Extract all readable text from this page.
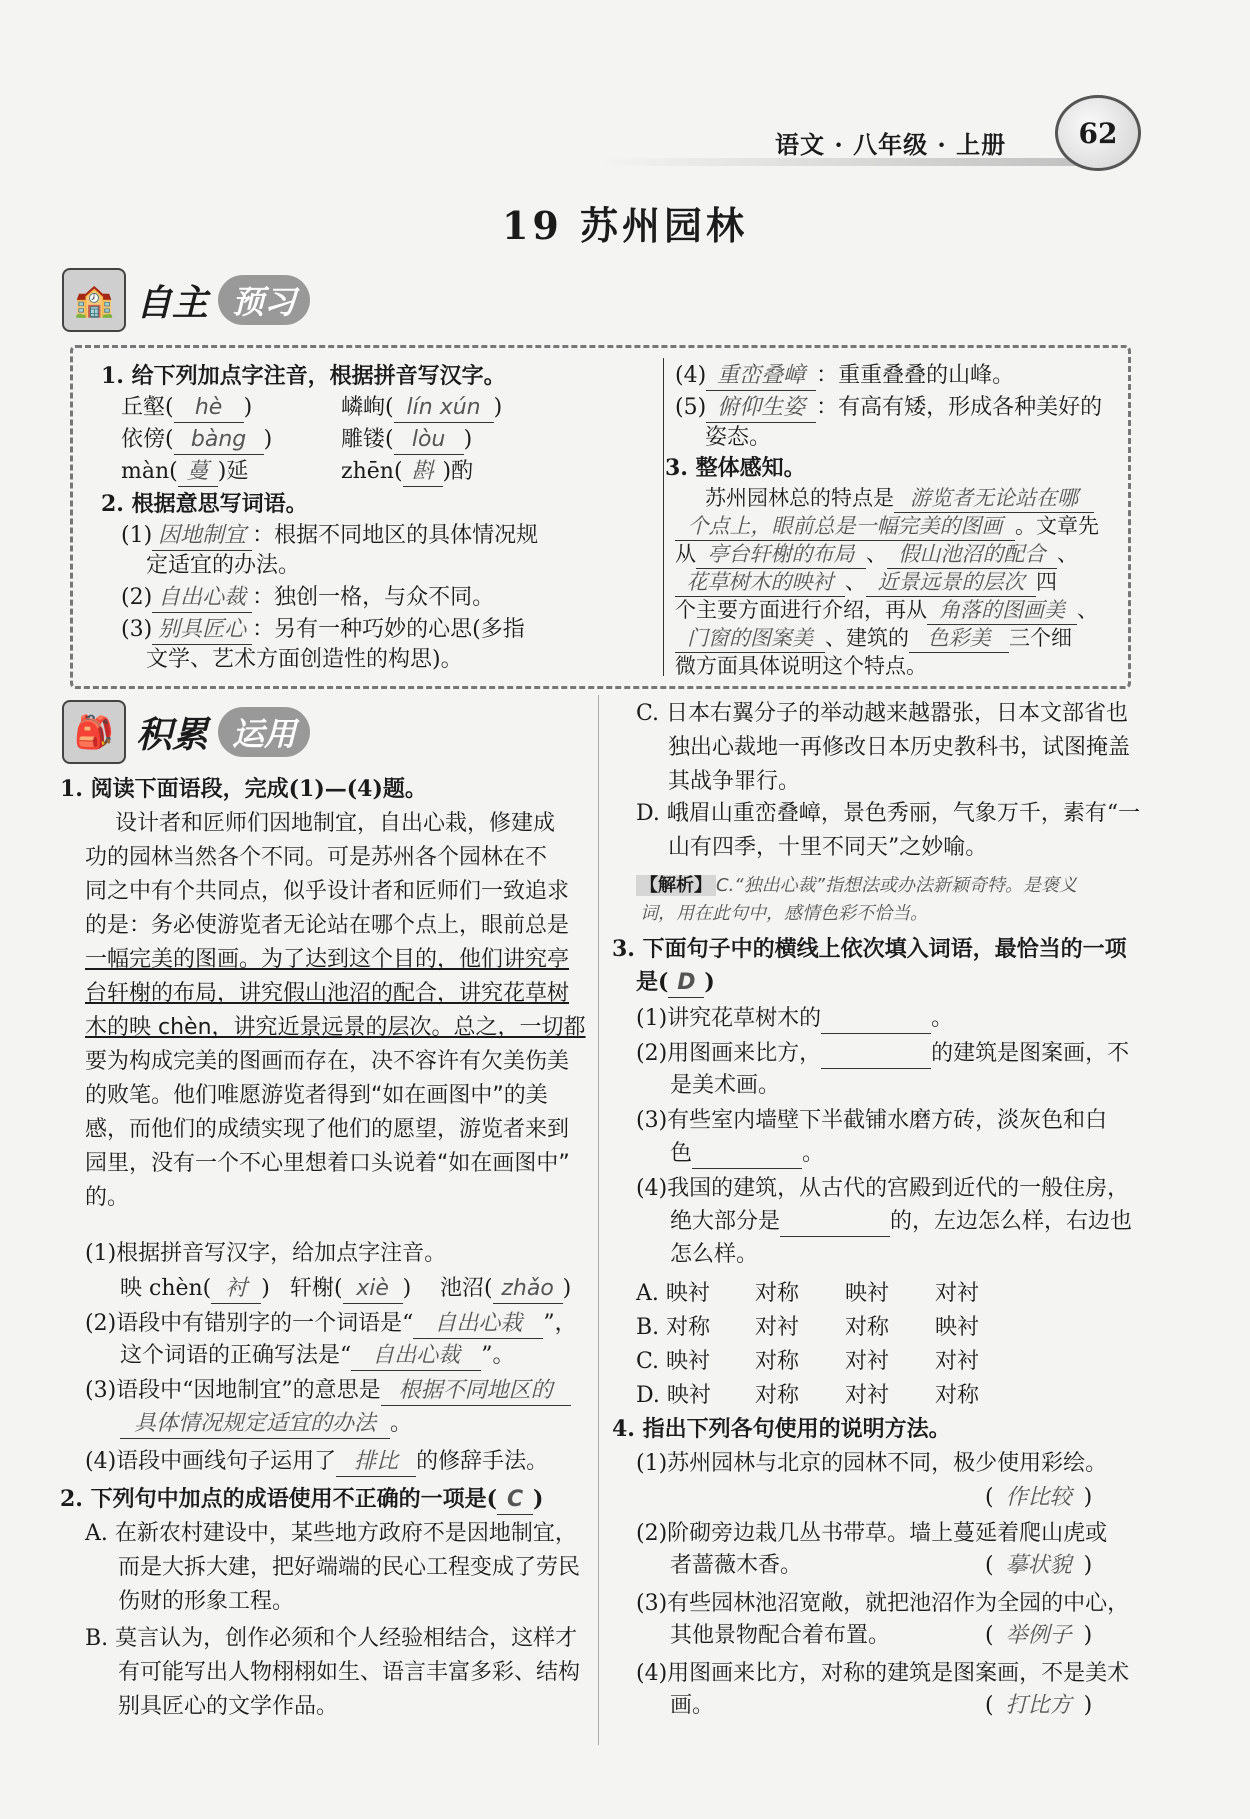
语文 · 八年级 · 上册	62
19 苏州园林
🏫 自主 预习
1. 给下列加点字注音，根据拼音写汉字。
丘壑( hè )	嶙峋( lín xún )
依傍( bàng )	雕镂( lòu )
màn( 蔓 )延	zhēn( 斟 )酌
2. 根据意思写词语。
(1) 因地制宜 ：根据不同地区的具体情况规
定适宜的办法。
(2) 自出心裁 ：独创一格，与众不同。
(3) 别具匠心 ：另有一种巧妙的心思(多指
文学、艺术方面创造性的构思)。
(4) 重峦叠嶂 ：重重叠叠的山峰。
(5) 俯仰生姿 ：有高有矮，形成各种美好的
姿态。
3. 整体感知。
苏州园林总的特点是 游览者无论站在哪
个点上，眼前总是一幅完美的图画 。文章先
从 亭台轩榭的布局 、 假山池沼的配合 、
花草树木的映衬 、 近景远景的层次 四
个主要方面进行介绍，再从 角落的图画美 、
门窗的图案美 、建筑的 色彩美 三个细
微方面具体说明这个特点。
🎒 积累 运用
1. 阅读下面语段，完成(1)—(4)题。
设计者和匠师们因地制宜，自出心栽，修建成
功的园林当然各个不同。可是苏州各个园林在不
同之中有个共同点，似乎设计者和匠师们一致追求
的是：务必使游览者无论站在哪个点上，眼前总是
一幅完美的图画。为了达到这个目的，他们讲究亭
台轩榭的布局，讲究假山池沼的配合，讲究花草树
木的映 chèn，讲究近景远景的层次。总之，一切都
要为构成完美的图画而存在，决不容许有欠美伤美
的败笔。他们唯愿游览者得到“如在画图中”的美
感，而他们的成绩实现了他们的愿望，游览者来到
园里，没有一个不心里想着口头说着“如在画图中”
的。
(1)根据拼音写汉字，给加点字注音。
映 chèn( 衬 ) 轩榭( xiè ) 池沼( zhǎo )
(2)语段中有错别字的一个词语是“ 自出心栽 ”，
这个词语的正确写法是“ 自出心裁 ”。
(3)语段中“因地制宜”的意思是 根据不同地区的
具体情况规定适宜的办法 。
(4)语段中画线句子运用了 排比 的修辞手法。
2. 下列句中加点的成语使用不正确的一项是( C )
A. 在新农村建设中，某些地方政府不是因地制宜，
而是大拆大建，把好端端的民心工程变成了劳民
伤财的形象工程。
B. 莫言认为，创作必须和个人经验相结合，这样才
有可能写出人物栩栩如生、语言丰富多彩、结构
别具匠心的文学作品。
C. 日本右翼分子的举动越来越嚣张，日本文部省也
独出心裁地一再修改日本历史教科书，试图掩盖
其战争罪行。
D. 峨眉山重峦叠嶂，景色秀丽，气象万千，素有“一
山有四季，十里不同天”之妙喻。
【解析】 C.“独出心裁”指想法或办法新颖奇特。是褒义
词，用在此句中，感情色彩不恰当。
3. 下面句子中的横线上依次填入词语，最恰当的一项
是( D )
(1)讲究花草树木的	。
(2)用图画来比方，	的建筑是图案画，不
是美术画。
(3)有些室内墙壁下半截铺水磨方砖，淡灰色和白
色	。
(4)我国的建筑，从古代的宫殿到近代的一般住房，
绝大部分是	的，左边怎么样，右边也
怎么样。
A. 映衬 对称 映衬 对衬
B. 对称 对衬 对称 映衬
C. 映衬 对称 对衬 对衬
D. 映衬 对称 对衬 对称
4. 指出下列各句使用的说明方法。
(1)苏州园林与北京的园林不同，极少使用彩绘。
( 作比较 )
(2)阶砌旁边栽几丛书带草。墙上蔓延着爬山虎或
者蔷薇木香。	( 摹状貌 )
(3)有些园林池沼宽敞，就把池沼作为全园的中心，
其他景物配合着布置。	( 举例子 )
(4)用图画来比方，对称的建筑是图案画，不是美术
画。	( 打比方 )
